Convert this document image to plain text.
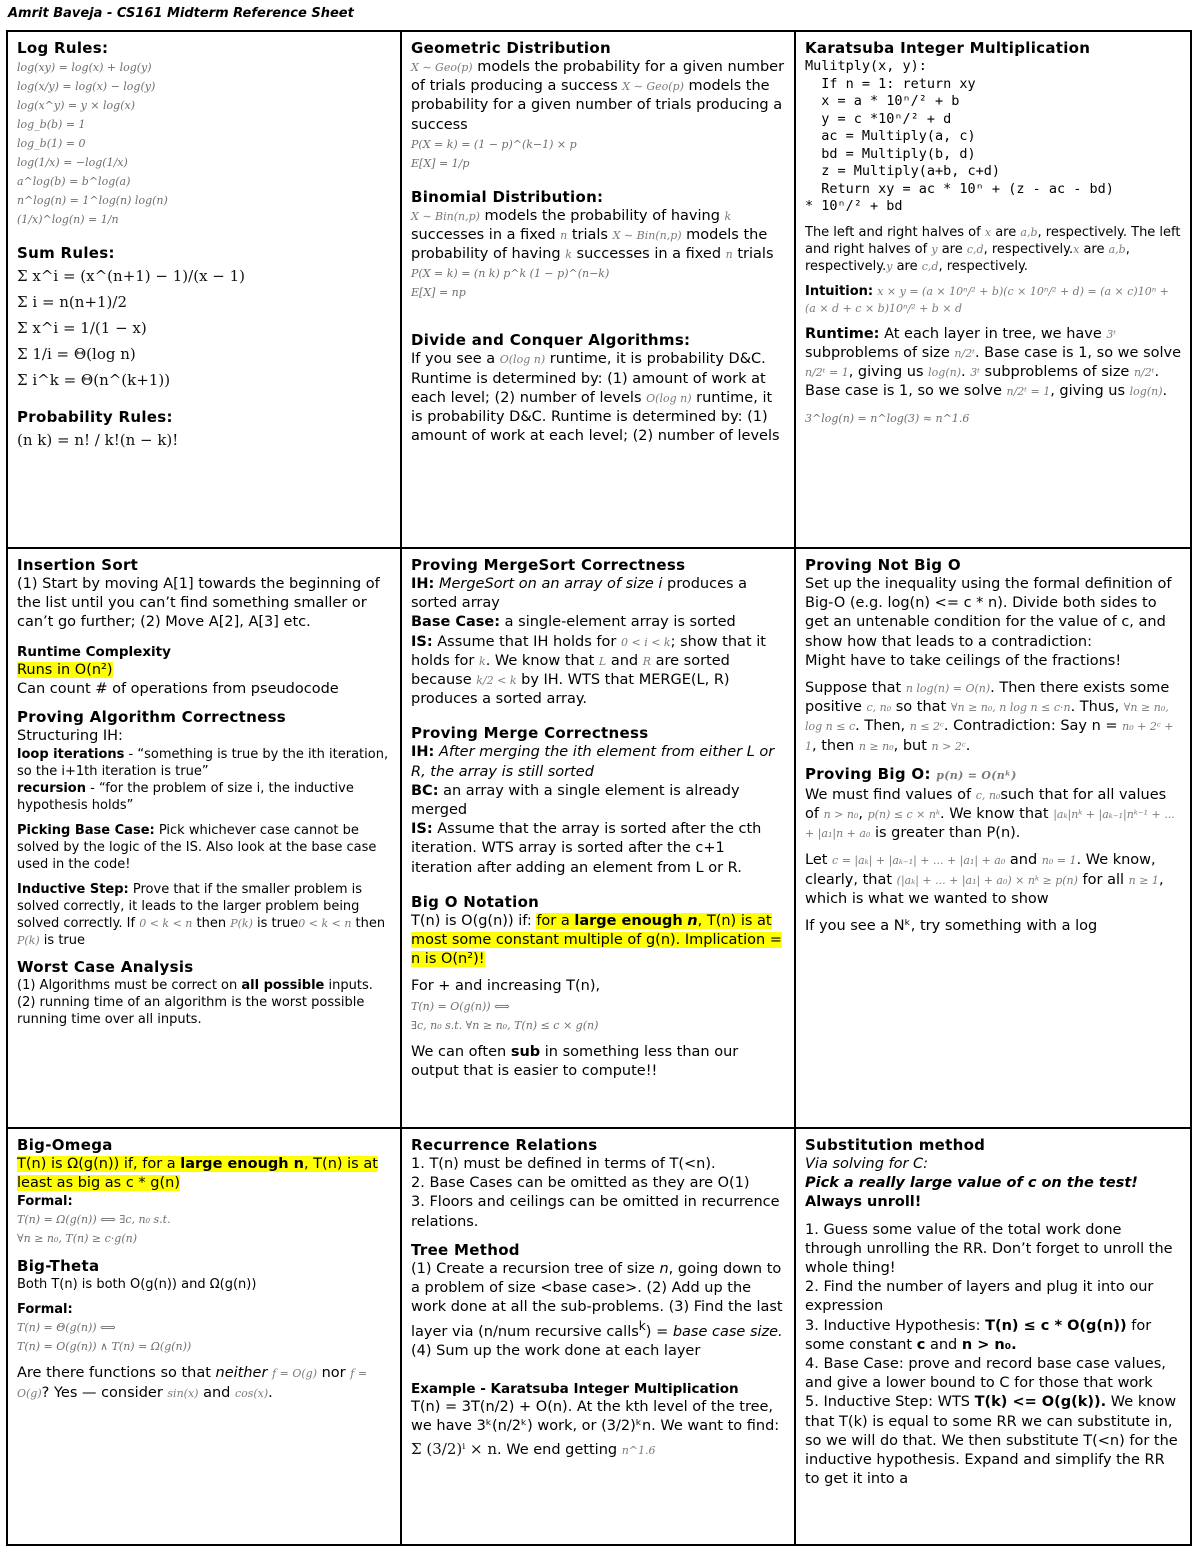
Amrit Baveja - CS161 Midterm Reference Sheet
Log Rules:
log(xy) = log(x) + log(y)
log(x/y) = log(x) − log(y)
log(x^y) = y × log(x)
log_b(b) = 1
log_b(1) = 0
log(1/x) = −log(1/x)
a^log(b) = b^log(a)
n^log(n) = 1^log(n) log(n)
(1/x)^log(n) = 1/n
Sum Rules:
Σ x^i = (x^(n+1) − 1)/(x − 1)
Σ i = n(n+1)/2
Σ x^i = 1/(1 − x)
Σ 1/i = Θ(log n)
Σ i^k = Θ(n^(k+1))
Probability Rules:
(n k) = n! / k!(n − k)!
Geometric Distribution

X ∼ Geo(p) models the probability for a given number of trials producing a success X ∼ Geo(p) models the probability for a given number of trials producing a success

P(X = k) = (1 − p)^(k−1) × p
E[X] = 1/p
Binomial Distribution:

X ∼ Bin(n,p) models the probability of having k successes in a fixed n trials X ∼ Bin(n,p) models the probability of having k successes in a fixed n trials

P(X = k) = (n k) p^k (1 − p)^(n−k)
E[X] = np
Divide and Conquer Algorithms:

If you see a O(log n) runtime, it is probability D&C. Runtime is determined by: (1) amount of work at each level; (2) number of levels O(log n) runtime, it is probability D&C. Runtime is determined by: (1) amount of work at each level; (2) number of levels

Karatsuba Integer Multiplication
Mulitply(x, y):
If n = 1: return xy
x = a * 10ⁿ/² + b
y = c *10ⁿ/² + d
ac = Multiply(a, c)
bd = Multiply(b, d)
z = Multiply(a+b, c+d)
Return xy = ac * 10ⁿ + (z - ac - bd)
* 10ⁿ/² + bd

The left and right halves of x are a,b, respectively. The left and right halves of y are c,d, respectively.x are a,b, respectively.y are c,d, respectively.

Intuition: x × y = (a × 10ⁿ/² + b)(c × 10ⁿ/² + d) = (a × c)10ⁿ + (a × d + c × b)10ⁿ/² + b × d

Runtime: At each layer in tree, we have 3ᵗ subproblems of size n/2ᵗ. Base case is 1, so we solve n/2ᵗ = 1, giving us log(n). 3ᵗ subproblems of size n/2ᵗ. Base case is 1, so we solve n/2ᵗ = 1, giving us log(n).

3^log(n) = n^log(3) ≈ n^1.6
Insertion Sort

(1) Start by moving A[1] towards the beginning of the list until you can’t find something smaller or can’t go further; (2) Move A[2], A[3] etc.

Runtime Complexity

Runs in O(n²)

Can count # of operations from pseudocode

Proving Algorithm Correctness

Structuring IH:

loop iterations - “something is true by the ith iteration, so the i+1th iteration is true”

recursion - “for the problem of size i, the inductive hypothesis holds”

Picking Base Case: Pick whichever case cannot be solved by the logic of the IS. Also look at the base case used in the code!

Inductive Step: Prove that if the smaller problem is solved correctly, it leads to the larger problem being solved correctly. If 0 < k < n then P(k) is true0 < k < n then P(k) is true

Worst Case Analysis

(1) Algorithms must be correct on all possible inputs. (2) running time of an algorithm is the worst possible running time over all inputs.

Proving MergeSort Correctness

IH: MergeSort on an array of size i produces a sorted array

Base Case: a single-element array is sorted

IS: Assume that IH holds for 0 < i < k; show that it holds for k. We know that L and R are sorted because k/2 < k by IH. WTS that MERGE(L, R) produces a sorted array.

Proving Merge Correctness

IH: After merging the ith element from either L or R, the array is still sorted

BC: an array with a single element is already merged

IS: Assume that the array is sorted after the cth iteration. WTS array is sorted after the c+1 iteration after adding an element from L or R.

Big O Notation

T(n) is O(g(n)) if: for a large enough n, T(n) is at most some constant multiple of g(n). Implication = n is O(n²)!

For + and increasing T(n),

T(n) = O(g(n)) ⟺
∃c, n₀ s.t. ∀n ≥ n₀, T(n) ≤ c × g(n)

We can often sub in something less than our output that is easier to compute!!

Proving Not Big O

Set up the inequality using the formal definition of Big-O (e.g. log(n) <= c * n). Divide both sides to get an untenable condition for the value of c, and show how that leads to a contradiction:

Might have to take ceilings of the fractions!

Suppose that n log(n) = O(n). Then there exists some positive c, n₀ so that ∀n ≥ n₀, n log n ≤ c·n. Thus, ∀n ≥ n₀, log n ≤ c. Then, n ≤ 2ᶜ. Contradiction: Say n = n₀ + 2ᶜ + 1, then n ≥ n₀, but n > 2ᶜ.

Proving Big O: p(n) = O(nᵏ)

We must find values of c, n₀such that for all values of n > n₀, p(n) ≤ c × nᵏ. We know that |aₖ|nᵏ + |aₖ₋₁|nᵏ⁻¹ + ... + |a₁|n + a₀ is greater than P(n).

Let c = |aₖ| + |aₖ₋₁| + ... + |a₁| + a₀ and n₀ = 1. We know, clearly, that (|aₖ| + ... + |a₁| + a₀) × nᵏ ≥ p(n) for all n ≥ 1, which is what we wanted to show

If you see a Nᵏ, try something with a log

Big-Omega

T(n) is Ω(g(n)) if, for a large enough n, T(n) is at least as big as c * g(n)

Formal:

T(n) = Ω(g(n)) ⟺ ∃c, n₀ s.t.
∀n ≥ n₀, T(n) ≥ c·g(n)
Big-Theta

Both T(n) is both O(g(n)) and Ω(g(n))

Formal:

T(n) = Θ(g(n)) ⟺
T(n) = O(g(n)) ∧ T(n) = Ω(g(n))

Are there functions so that neither f = O(g) nor f = O(g)? Yes — consider sin(x) and cos(x).

Recurrence Relations

1. T(n) must be defined in terms of T(<n).

2. Base Cases can be omitted as they are O(1)

3. Floors and ceilings can be omitted in recurrence relations.

Tree Method

(1) Create a recursion tree of size n, going down to a problem of size <base case>. (2) Add up the work done at all the sub-problems. (3) Find the last layer via (n/num recursive calls$^k$) = base case size. (4) Sum up the work done at each layer

Example - Karatsuba Integer Multiplication

T(n) = 3T(n/2) + O(n). At the kth level of the tree, we have 3ᵏ(n/2ᵏ) work, or (3/2)ᵏn. We want to find:

Σ (3/2)ⁱ × n. We end getting n^1.6

Substitution method

Via solving for C:

Pick a really large value of c on the test!

Always unroll!

1. Guess some value of the total work done through unrolling the RR. Don’t forget to unroll the whole thing!

2. Find the number of layers and plug it into our expression

3. Inductive Hypothesis: T(n) ≤ c * O(g(n)) for some constant c and n > n₀.

4. Base Case: prove and record base case values, and give a lower bound to C for those that work

5. Inductive Step: WTS T(k) <= O(g(k)). We know that T(k) is equal to some RR we can substitute in, so we will do that. We then substitute T(<n) for the inductive hypothesis. Expand and simplify the RR to get it into a
